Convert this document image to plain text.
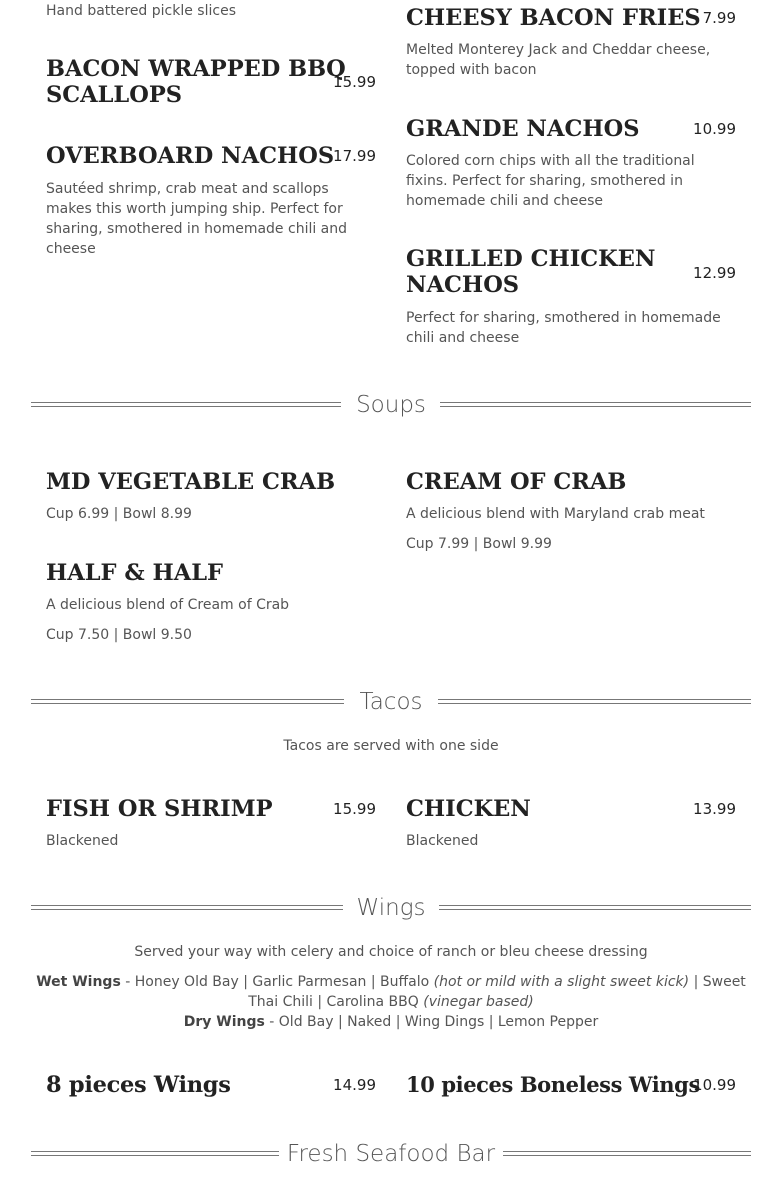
Hand battered pickle slices
BACON WRAPPED BBQ
SCALLOPS	15.99
OVERBOARD NACHOS
17.99
Sautéed shrimp, crab meat and scallops makes this worth jumping ship. Perfect for sharing, smothered in homemade chili and cheese
CHEESY BACON FRIES 7.99
Melted Monterey Jack and Cheddar cheese, topped with bacon
GRANDE NACHOS	10.99
Colored corn chips with all the traditional fixins. Perfect for sharing, smothered in homemade chili and cheese
GRILLED CHICKEN
NACHOS	12.99
Perfect for sharing, smothered in homemade chili and cheese
Soups
MD VEGETABLE CRAB
Cup 6.99 | Bowl 8.99
CREAM OF CRAB
A delicious blend with Maryland crab meat
Cup 7.99 | Bowl 9.99
HALF & HALF
A delicious blend of Cream of Crab
Cup 7.50 | Bowl 9.50
Tacos
Tacos are served with one side
FISH OR SHRIMP	15.99
Blackened
CHICKEN	13.99
Blackened
Wings
Served your way with celery and choice of ranch or bleu cheese dressing
Wet Wings - Honey Old Bay | Garlic Parmesan | Buffalo (hot or mild with a slight sweet kick) | Sweet Thai Chili | Carolina BBQ (vinegar based)
Dry Wings - Old Bay | Naked | Wing Dings | Lemon Pepper
8 pieces Wings	14.99 10 pieces Boneless Wings
10.99
Fresh Seafood Bar
